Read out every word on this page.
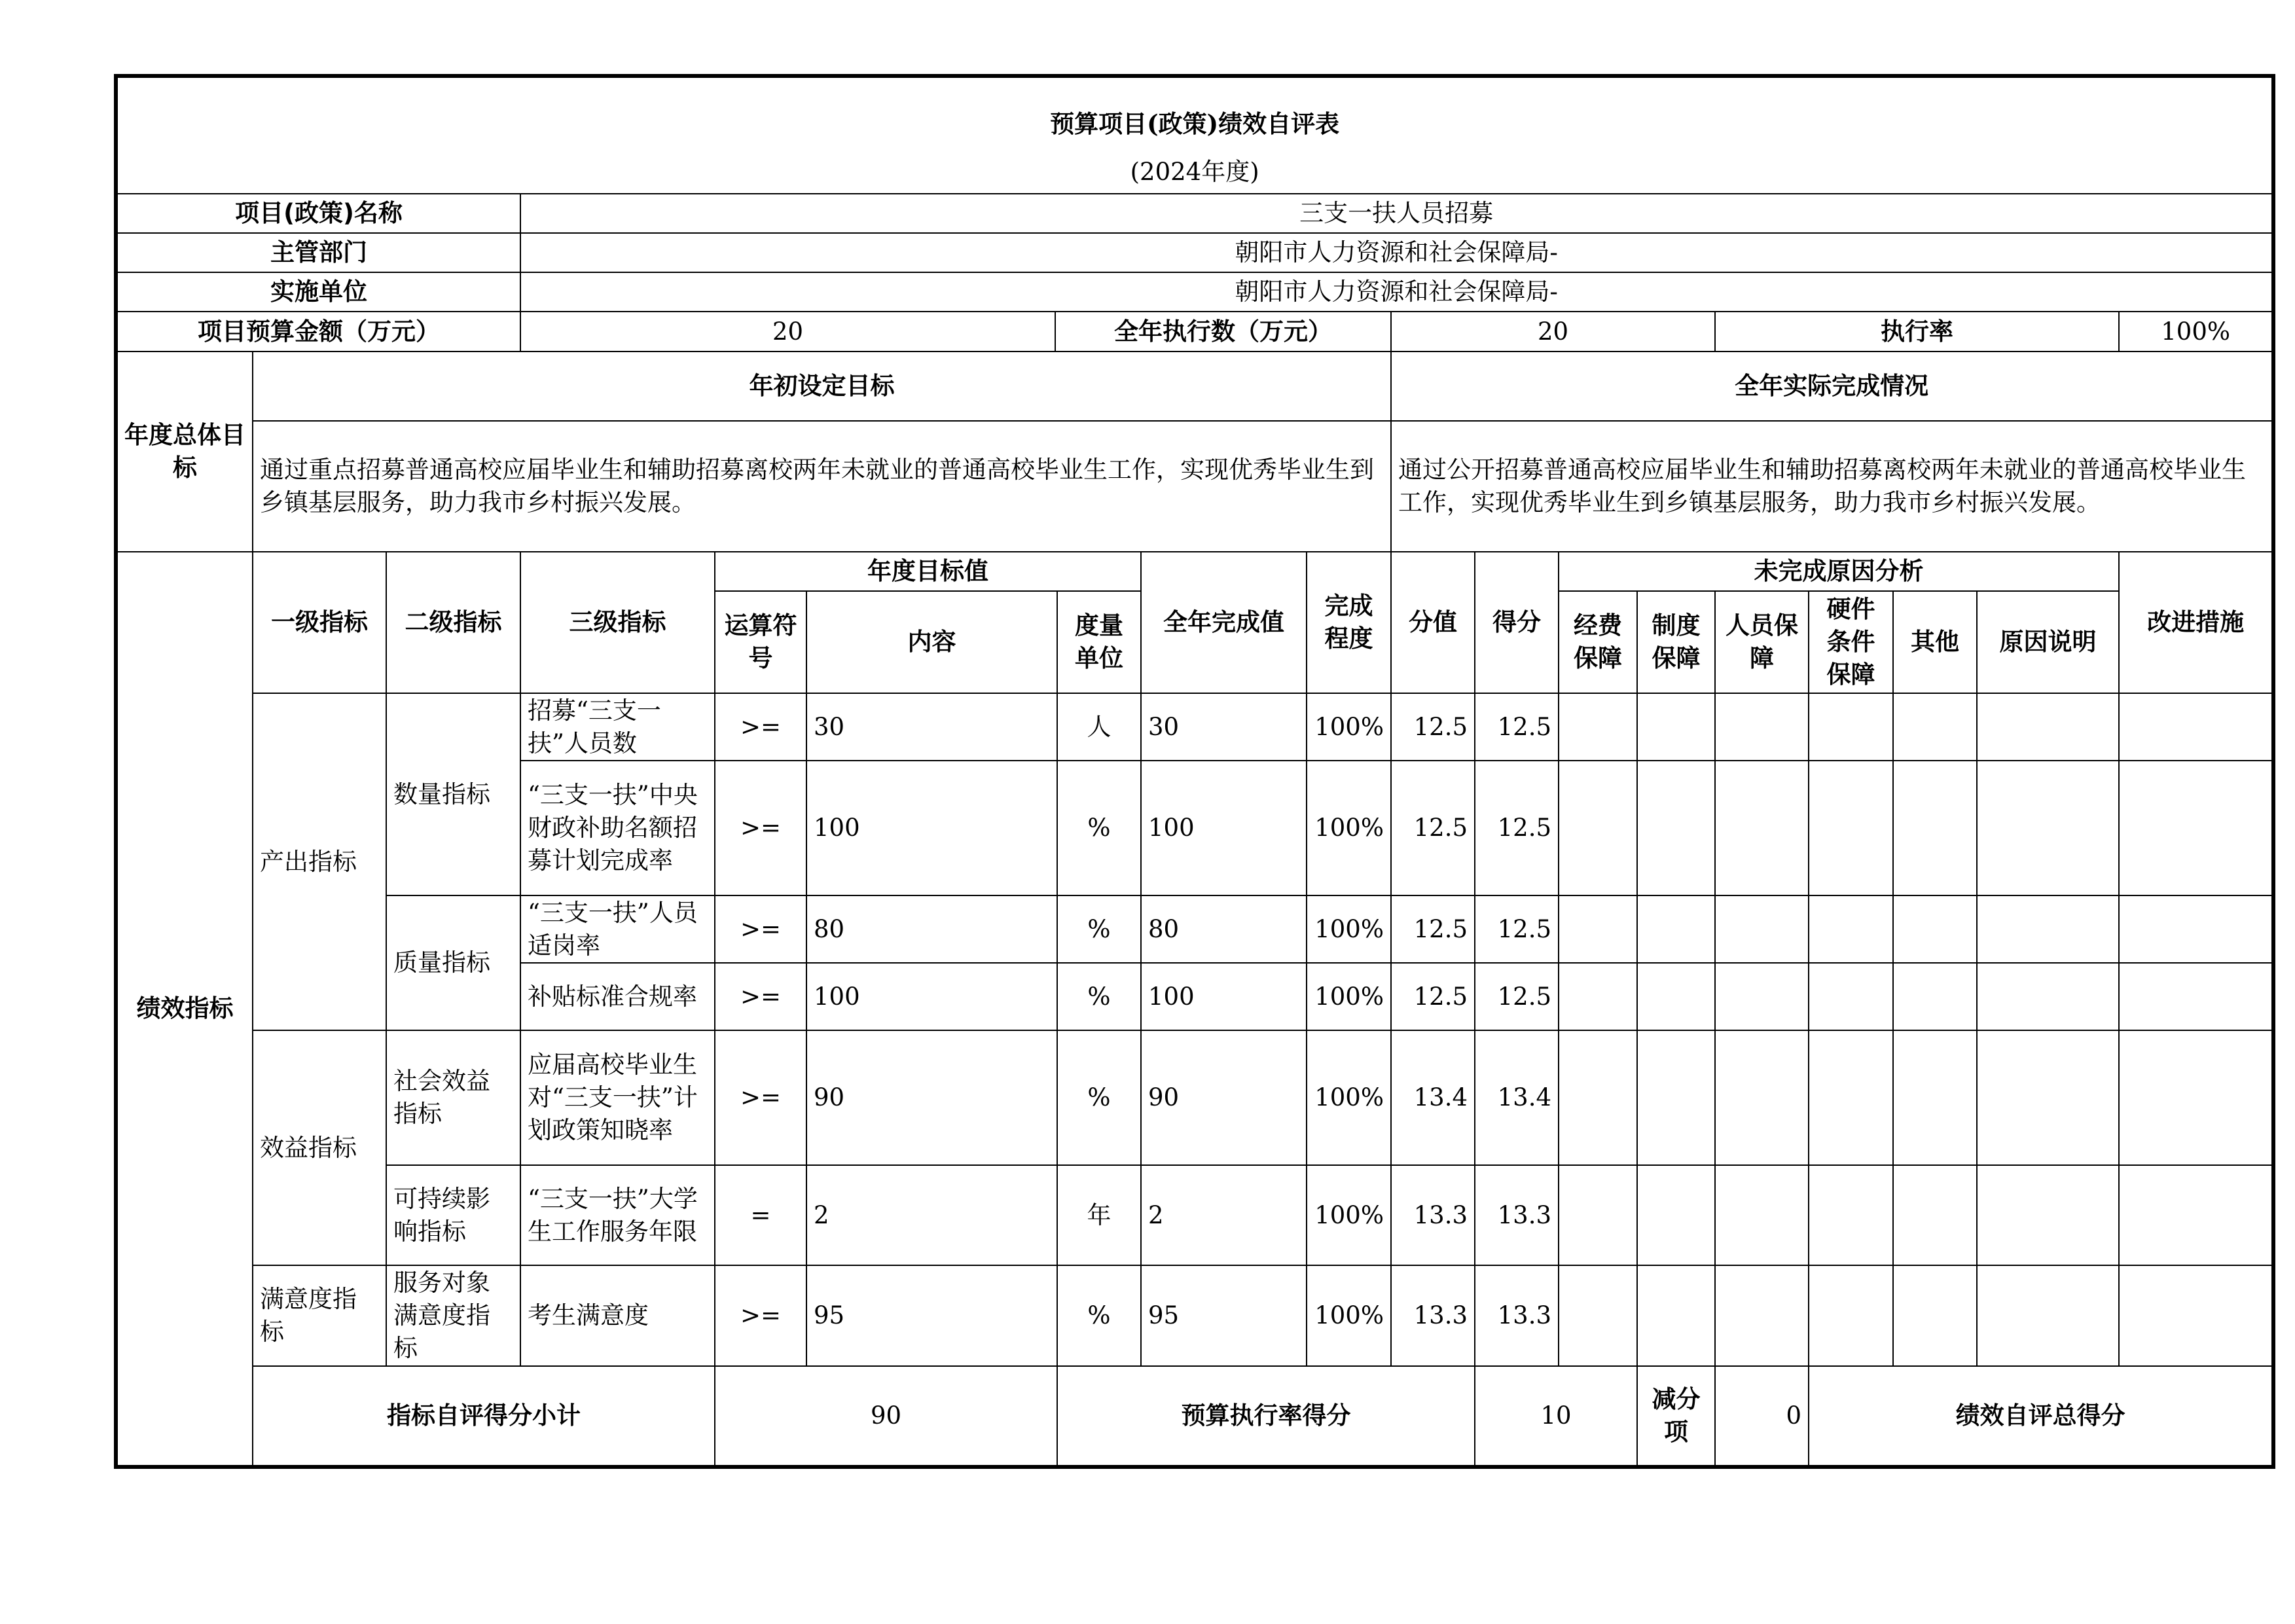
预算项目(政策)绩效自评表																			
(2024年度)																			
项目(政策)名称			三支一扶人员招募																
主管部门			朝阳市人力资源和社会保障局-																
实施单位			朝阳市人力资源和社会保障局-																
项目预算金额（万元）			20			全年执行数（万元）				20				执行率				100%	
年度总体目标	年初设定目标									全年实际完成情况									
	通过重点招募普通高校应届毕业生和辅助招募离校两年未就业的普通高校毕业生工作，实现优秀毕业生到乡镇基层服务，助力我市乡村振兴发展。									通过公开招募普通高校应届毕业生和辅助招募离校两年未就业的普通高校毕业生工作，实现优秀毕业生到乡镇基层服务，助力我市乡村振兴发展。									
绩效指标	一级指标	二级指标	三级指标	年度目标值				全年完成值	完成程度	分值	得分	未完成原因分析						改进措施	
				运算符号	内容		度量单位					经费保障	制度保障	人员保障	硬件条件保障	其他	原因说明		
	产出指标	数量指标	招募“三支一扶”人员数	>=	30		人	30	100%	12.5	12.5								
			“三支一扶”中央财政补助名额招募计划完成率	>=	100		%	100	100%	12.5	12.5								
		质量指标	“三支一扶”人员适岗率	>=	80		%	80	100%	12.5	12.5								
			补贴标准合规率	>=	100		%	100	100%	12.5	12.5								
	效益指标	社会效益指标	应届高校毕业生对“三支一扶”计划政策知晓率	>=	90		%	90	100%	13.4	13.4								
		可持续影响指标	“三支一扶”大学生工作服务年限	=	2		年	2	100%	13.3	13.3								
	满意度指标	服务对象满意度指标	考生满意度	>=	95		%	95	100%	13.3	13.3								
	指标自评得分小计			90			预算执行率得分				10		减分项	0	绩效自评总得分	
